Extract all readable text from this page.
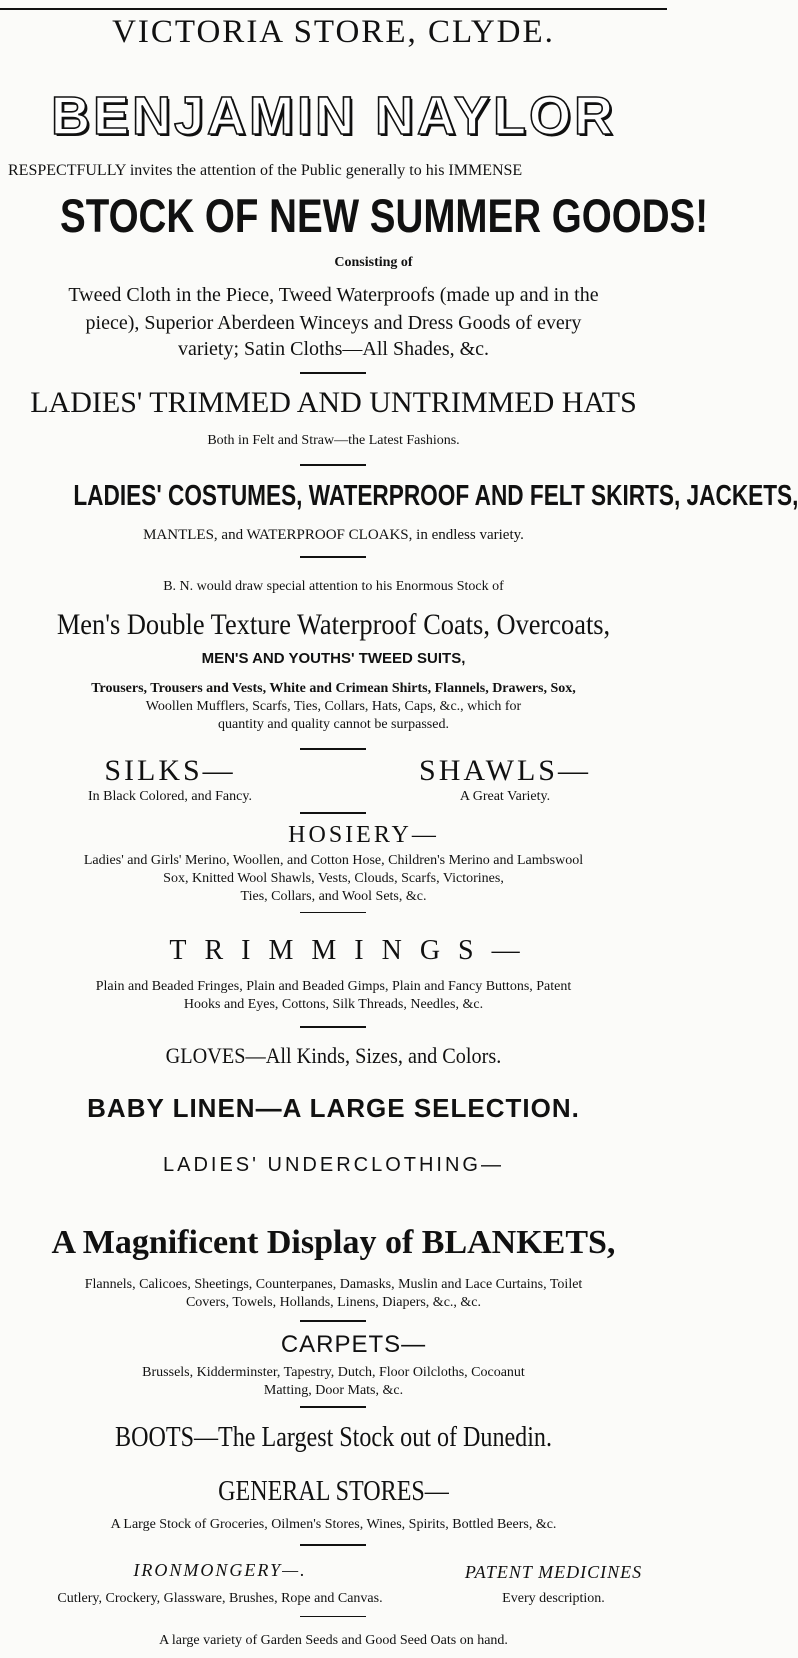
VICTORIA STORE, CLYDE.
BENJAMIN NAYLOR
RESPECTFULLY invites the attention of the Public generally to his IMMENSE
STOCK OF NEW SUMMER GOODS!
Consisting of
Tweed Cloth in the Piece, Tweed Waterproofs (made up and in the
piece), Superior Aberdeen Winceys and Dress Goods of every
variety; Satin Cloths—All Shades, &c.
LADIES' TRIMMED AND UNTRIMMED HATS
Both in Felt and Straw—the Latest Fashions.
LADIES' COSTUMES, WATERPROOF AND FELT SKIRTS, JACKETS,
MANTLES, and WATERPROOF CLOAKS, in endless variety.
B. N. would draw special attention to his Enormous Stock of
Men's Double Texture Waterproof Coats, Overcoats,
MEN'S AND YOUTHS' TWEED SUITS,
Trousers, Trousers and Vests, White and Crimean Shirts, Flannels, Drawers, Sox,
Woollen Mufflers, Scarfs, Ties, Collars, Hats, Caps, &c., which for
quantity and quality cannot be surpassed.
SILKS—
In Black Colored, and Fancy.
SHAWLS—
A Great Variety.
HOSIERY—
Ladies' and Girls' Merino, Woollen, and Cotton Hose, Children's Merino and Lambswool
Sox, Knitted Wool Shawls, Vests, Clouds, Scarfs, Victorines,
Ties, Collars, and Wool Sets, &c.
TRIMMINGS—
Plain and Beaded Fringes, Plain and Beaded Gimps, Plain and Fancy Buttons, Patent
Hooks and Eyes, Cottons, Silk Threads, Needles, &c.
GLOVES—All Kinds, Sizes, and Colors.
BABY LINEN—A LARGE SELECTION.
LADIES' UNDERCLOTHING—
A Magnificent Display of BLANKETS,
Flannels, Calicoes, Sheetings, Counterpanes, Damasks, Muslin and Lace Curtains, Toilet
Covers, Towels, Hollands, Linens, Diapers, &c., &c.
CARPETS—
Brussels, Kidderminster, Tapestry, Dutch, Floor Oilcloths, Cocoanut
Matting, Door Mats, &c.
BOOTS—The Largest Stock out of Dunedin.
GENERAL STORES—
A Large Stock of Groceries, Oilmen's Stores, Wines, Spirits, Bottled Beers, &c.
IRONMONGERY—.
Cutlery, Crockery, Glassware, Brushes, Rope and Canvas.
PATENT MEDICINES
Every description.
A large variety of Garden Seeds and Good Seed Oats on hand.
